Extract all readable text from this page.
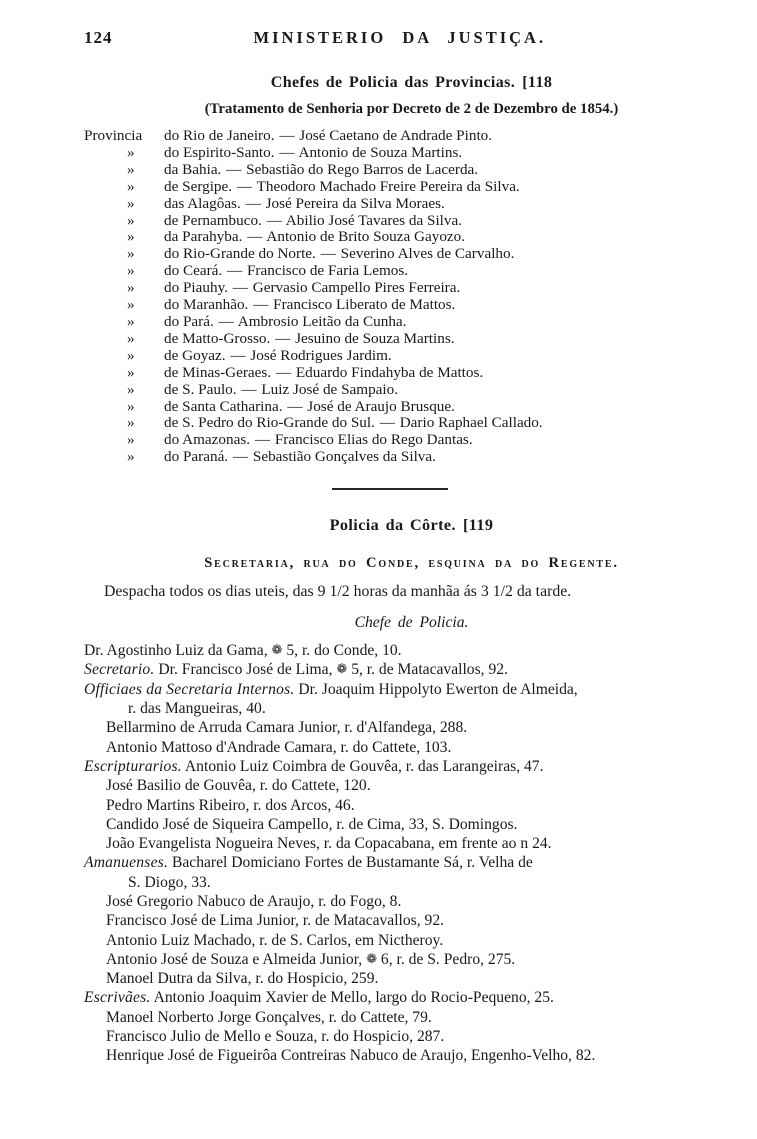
124	MINISTERIO DA JUSTIÇA.
Chefes de Policia das Provincias. [118
(Tratamento de Senhoria por Decreto de 2 de Dezembro de 1854.)
Provincia do Rio de Janeiro. — José Caetano de Andrade Pinto.
» do Espirito-Santo. — Antonio de Souza Martins.
» da Bahia. — Sebastião do Rego Barros de Lacerda.
» de Sergipe. — Theodoro Machado Freire Pereira da Silva.
» das Alagôas. — José Pereira da Silva Moraes.
» de Pernambuco. — Abilio José Tavares da Silva.
» da Parahyba. — Antonio de Brito Souza Gayozo.
» do Rio-Grande do Norte. — Severino Alves de Carvalho.
» do Ceará. — Francisco de Faria Lemos.
» do Piauhy. — Gervasio Campello Pires Ferreira.
» do Maranhão. — Francisco Liberato de Mattos.
» do Pará. — Ambrosio Leitão da Cunha.
» de Matto-Grosso. — Jesuino de Souza Martins.
» de Goyaz. — José Rodrigues Jardim.
» de Minas-Geraes. — Eduardo Findahyba de Mattos.
» de S. Paulo. — Luiz José de Sampaio.
» de Santa Catharina. — José de Araujo Brusque.
» de S. Pedro do Rio-Grande do Sul. — Dario Raphael Callado.
» do Amazonas. — Francisco Elias do Rego Dantas.
» do Paraná. — Sebastião Gonçalves da Silva.
Policia da Côrte. [119
Secretaria, rua do Conde, esquina da do Regente.
Despacha todos os dias uteis, das 9 1/2 horas da manhãa ás 3 1/2 da tarde.
Chefe de Policia.
Dr. Agostinho Luiz da Gama, ❁ 5, r. do Conde, 10.
Secretario. Dr. Francisco José de Lima, ❁ 5, r. de Matacavallos, 92.
Officiaes da Secretaria Internos. Dr. Joaquim Hippolyto Ewerton de Almeida,
r. das Mangueiras, 40.
Bellarmino de Arruda Camara Junior, r. d'Alfandega, 288.
Antonio Mattoso d'Andrade Camara, r. do Cattete, 103.
Escripturarios. Antonio Luiz Coimbra de Gouvêa, r. das Larangeiras, 47.
José Basilio de Gouvêa, r. do Cattete, 120.
Pedro Martins Ribeiro, r. dos Arcos, 46.
Candido José de Siqueira Campello, r. de Cima, 33, S. Domingos.
João Evangelista Nogueira Neves, r. da Copacabana, em frente ao n 24.
Amanuenses. Bacharel Domiciano Fortes de Bustamante Sá, r. Velha de
S. Diogo, 33.
José Gregorio Nabuco de Araujo, r. do Fogo, 8.
Francisco José de Lima Junior, r. de Matacavallos, 92.
Antonio Luiz Machado, r. de S. Carlos, em Nictheroy.
Antonio José de Souza e Almeida Junior, ❁ 6, r. de S. Pedro, 275.
Manoel Dutra da Silva, r. do Hospicio, 259.
Escrivães. Antonio Joaquim Xavier de Mello, largo do Rocio-Pequeno, 25.
Manoel Norberto Jorge Gonçalves, r. do Cattete, 79.
Francisco Julio de Mello e Souza, r. do Hospicio, 287.
Henrique José de Figueirôa Contreiras Nabuco de Araujo, Engenho-Velho, 82.
